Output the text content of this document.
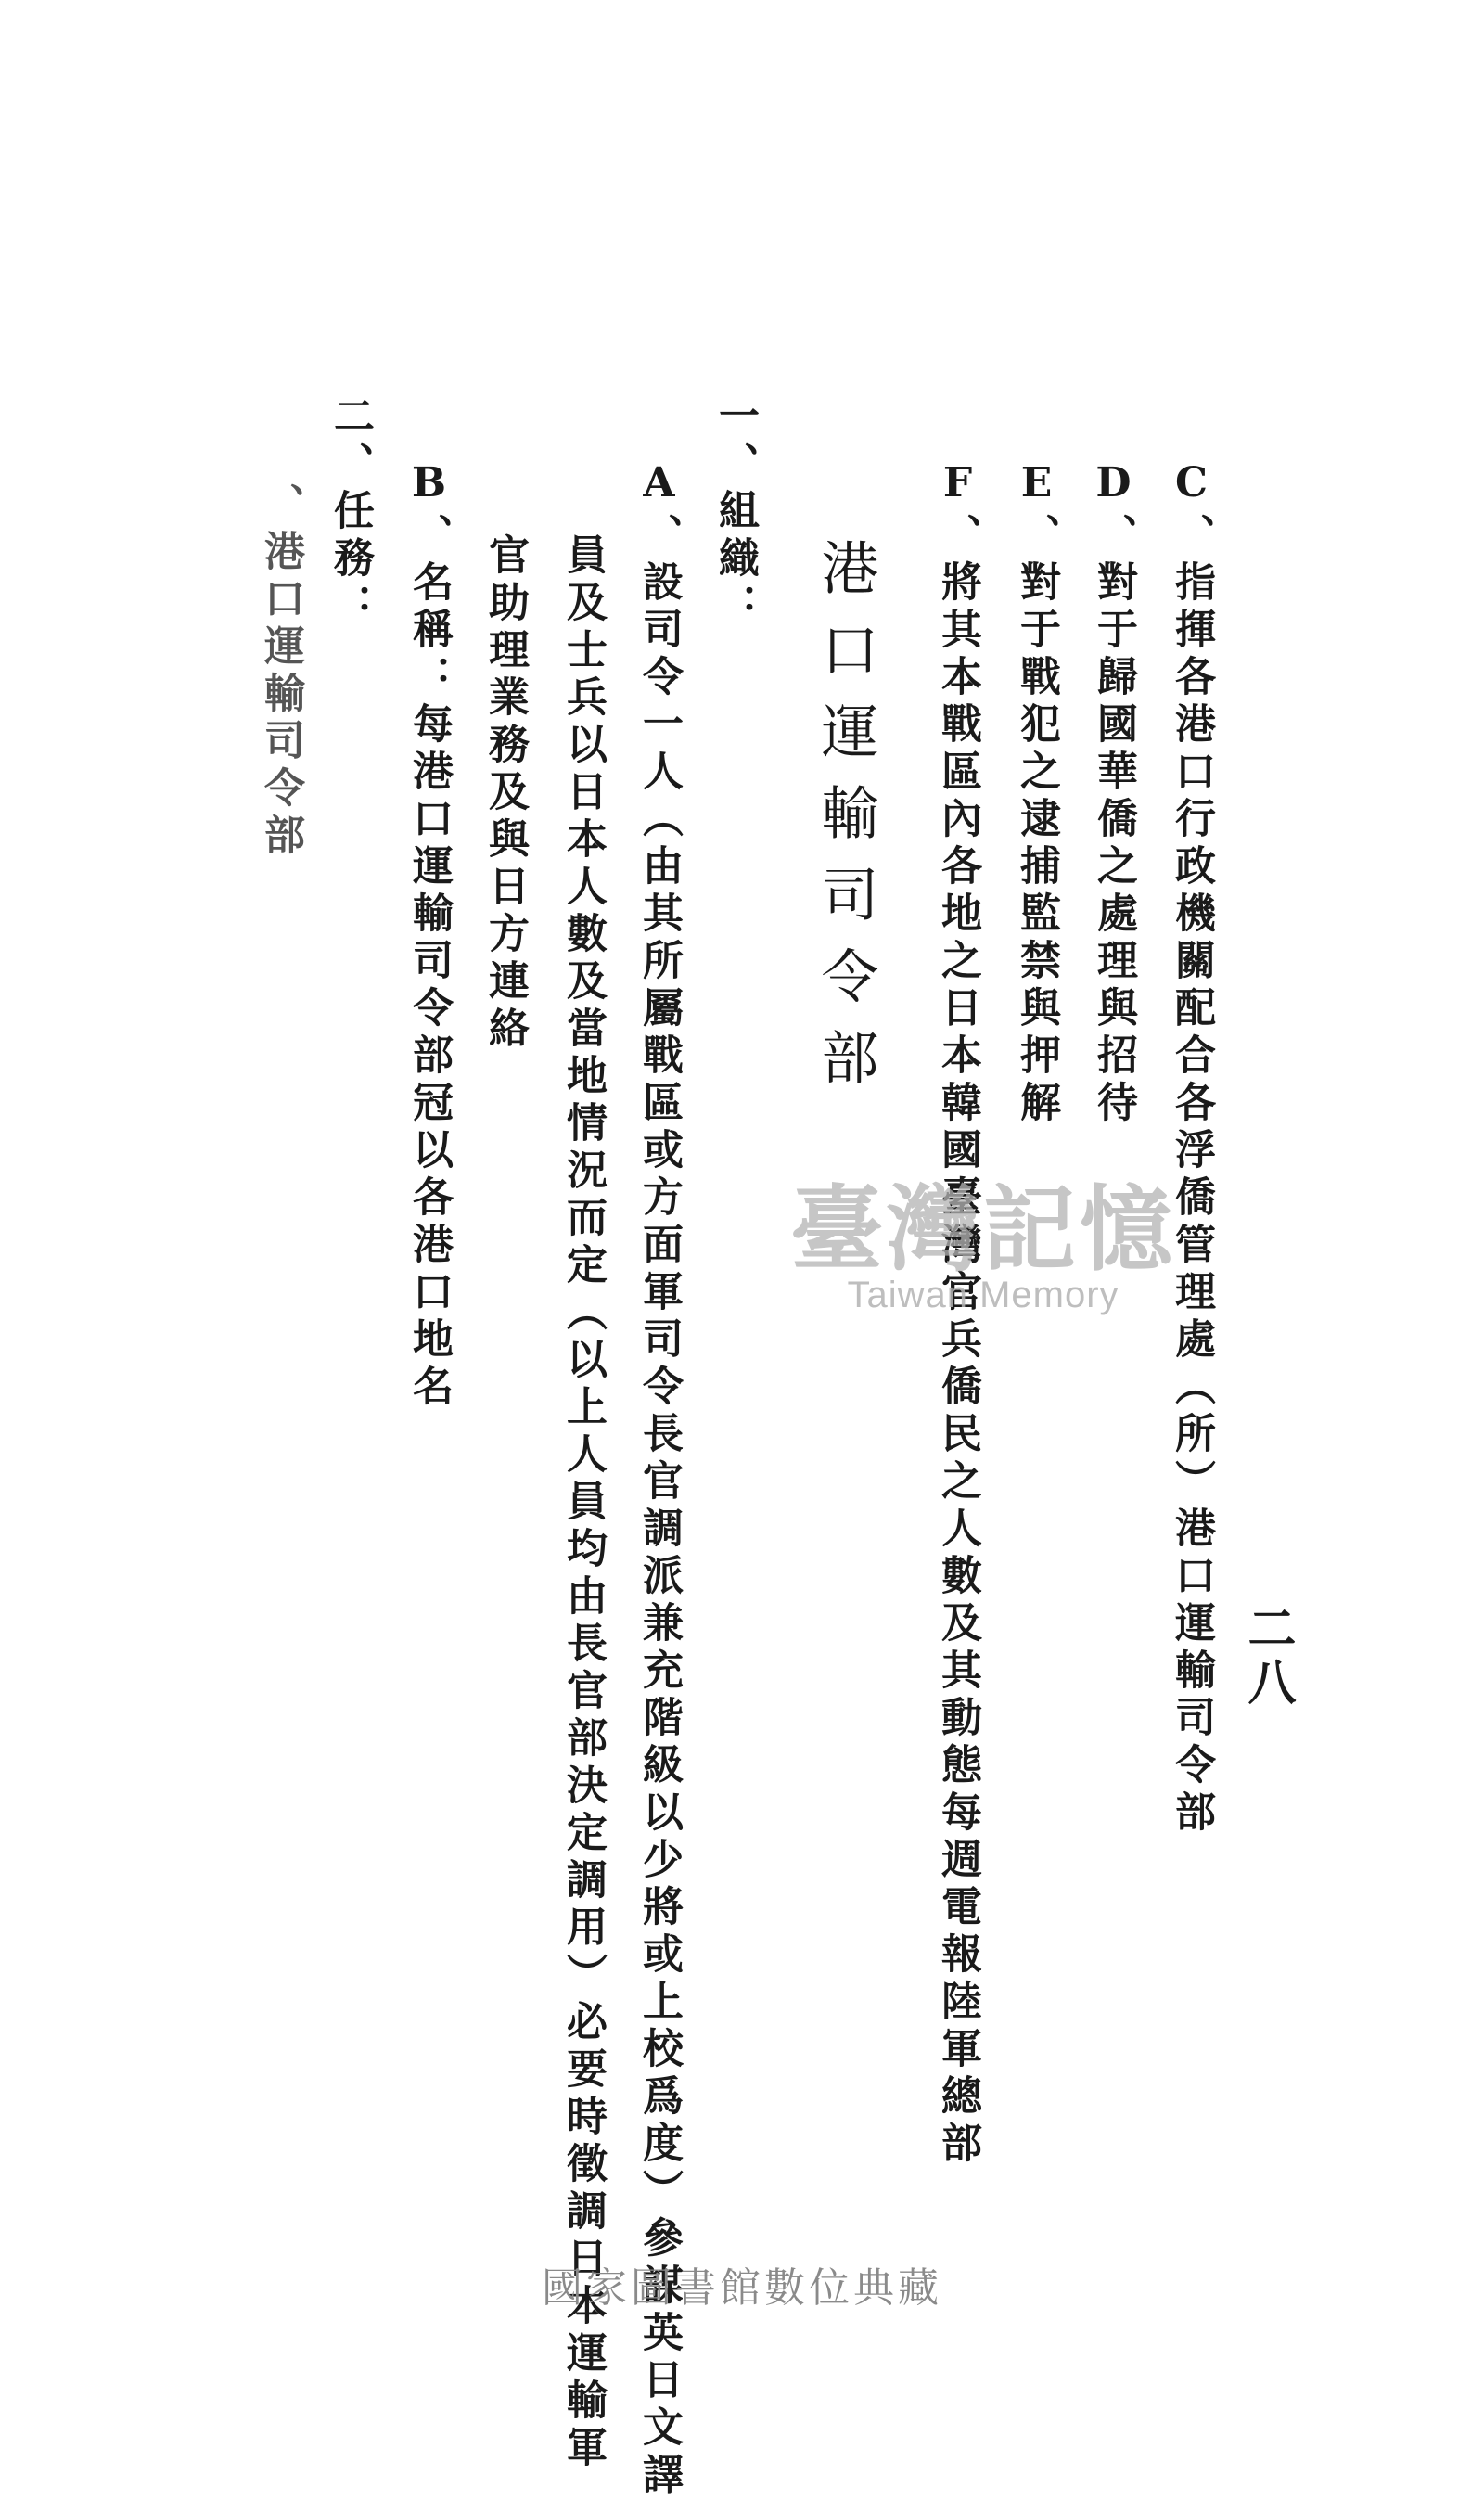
二八
C、指揮各港口行政機關配合各浮僑管理處（所）港口運輸司令部
D、對于歸國華僑之處理與招待
E、對于戰犯之逮捕監禁與押解
F、將其本戰區內各地之日本韓國臺灣官兵僑民之人數及其動態每週電報陸軍總部
港口運輸司令部
一、組織：
A、設司令一人（由其所屬戰區或方面軍司令長官調派兼充階級以少將或上校爲度）參謀英日文譯
員及士兵以日本人數及當地情況而定（以上人員均由長官部決定調用）必要時徵調日本運輸軍
官助理業務及與日方連絡
B、名稱：每港口運輸司令部冠以各港口地名
二、任務：
、港口運輸司令部
臺灣記憶
Taiwan Memory
國家圖書館數位典藏
